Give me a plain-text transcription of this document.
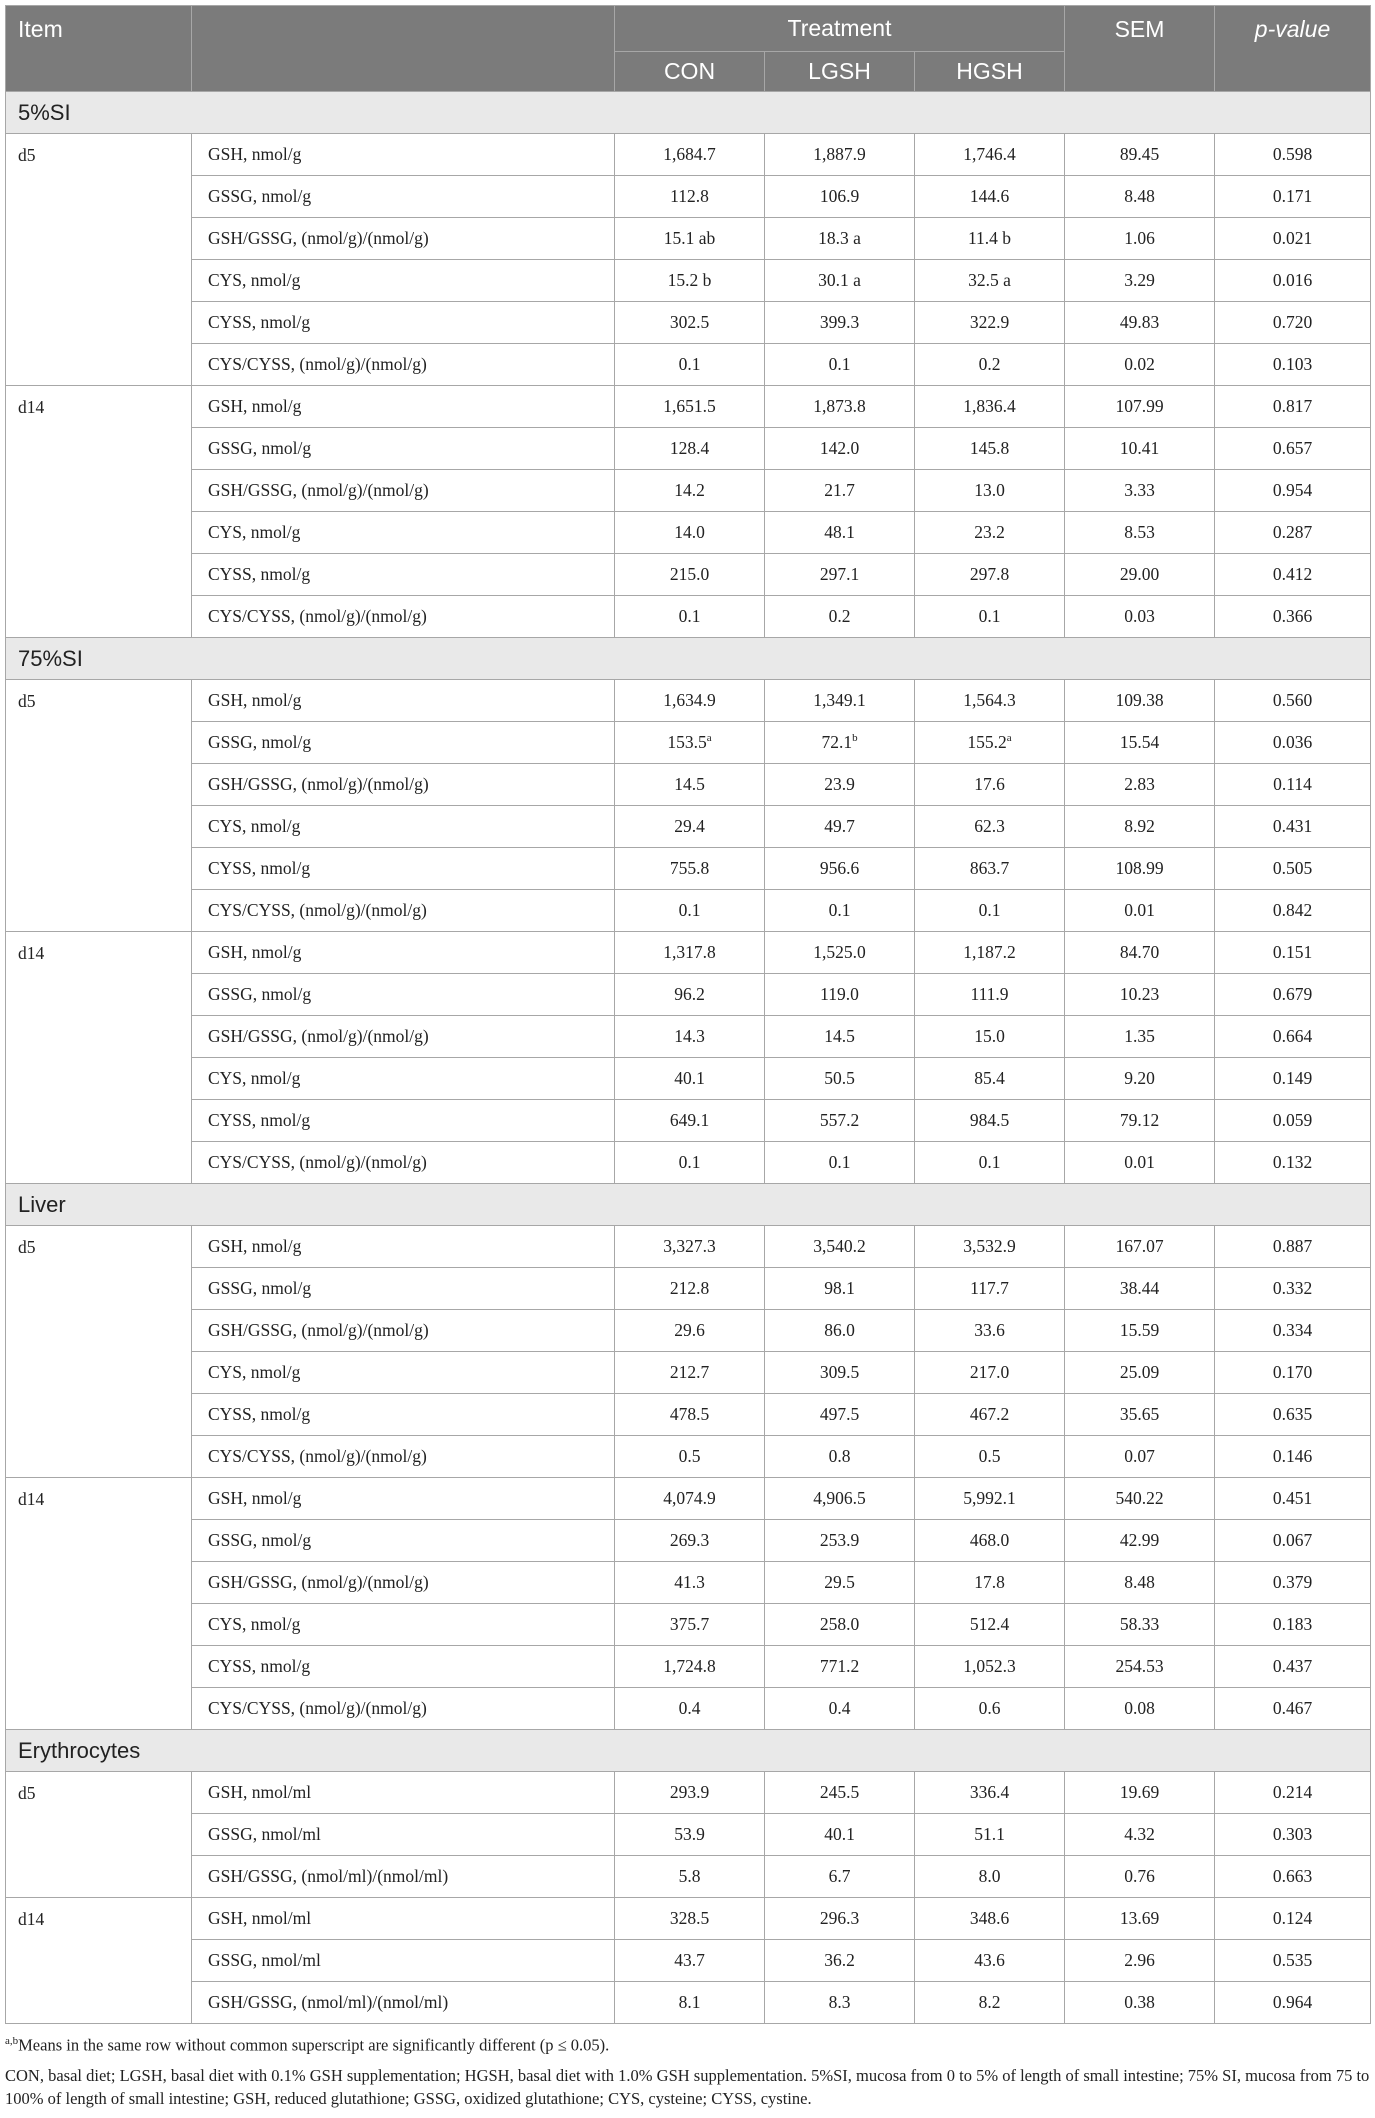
Item		Treatment			SEM	p-value
		CON	LGSH	HGSH		
5%SI						
d5	GSH, nmol/g	1,684.7	1,887.9	1,746.4	89.45	0.598
	GSSG, nmol/g	112.8	106.9	144.6	8.48	0.171
	GSH/GSSG, (nmol/g)/(nmol/g)	15.1 ab	18.3 a	11.4 b	1.06	0.021
	CYS, nmol/g	15.2 b	30.1 a	32.5 a	3.29	0.016
	CYSS, nmol/g	302.5	399.3	322.9	49.83	0.720
	CYS/CYSS, (nmol/g)/(nmol/g)	0.1	0.1	0.2	0.02	0.103
d14	GSH, nmol/g	1,651.5	1,873.8	1,836.4	107.99	0.817
	GSSG, nmol/g	128.4	142.0	145.8	10.41	0.657
	GSH/GSSG, (nmol/g)/(nmol/g)	14.2	21.7	13.0	3.33	0.954
	CYS, nmol/g	14.0	48.1	23.2	8.53	0.287
	CYSS, nmol/g	215.0	297.1	297.8	29.00	0.412
	CYS/CYSS, (nmol/g)/(nmol/g)	0.1	0.2	0.1	0.03	0.366
75%SI						
d5	GSH, nmol/g	1,634.9	1,349.1	1,564.3	109.38	0.560
	GSSG, nmol/g	153.5$^a$	72.1$^b$	155.2$^a$	15.54	0.036
	GSH/GSSG, (nmol/g)/(nmol/g)	14.5	23.9	17.6	2.83	0.114
	CYS, nmol/g	29.4	49.7	62.3	8.92	0.431
	CYSS, nmol/g	755.8	956.6	863.7	108.99	0.505
	CYS/CYSS, (nmol/g)/(nmol/g)	0.1	0.1	0.1	0.01	0.842
d14	GSH, nmol/g	1,317.8	1,525.0	1,187.2	84.70	0.151
	GSSG, nmol/g	96.2	119.0	111.9	10.23	0.679
	GSH/GSSG, (nmol/g)/(nmol/g)	14.3	14.5	15.0	1.35	0.664
	CYS, nmol/g	40.1	50.5	85.4	9.20	0.149
	CYSS, nmol/g	649.1	557.2	984.5	79.12	0.059
	CYS/CYSS, (nmol/g)/(nmol/g)	0.1	0.1	0.1	0.01	0.132
Liver						
d5	GSH, nmol/g	3,327.3	3,540.2	3,532.9	167.07	0.887
	GSSG, nmol/g	212.8	98.1	117.7	38.44	0.332
	GSH/GSSG, (nmol/g)/(nmol/g)	29.6	86.0	33.6	15.59	0.334
	CYS, nmol/g	212.7	309.5	217.0	25.09	0.170
	CYSS, nmol/g	478.5	497.5	467.2	35.65	0.635
	CYS/CYSS, (nmol/g)/(nmol/g)	0.5	0.8	0.5	0.07	0.146
d14	GSH, nmol/g	4,074.9	4,906.5	5,992.1	540.22	0.451
	GSSG, nmol/g	269.3	253.9	468.0	42.99	0.067
	GSH/GSSG, (nmol/g)/(nmol/g)	41.3	29.5	17.8	8.48	0.379
	CYS, nmol/g	375.7	258.0	512.4	58.33	0.183
	CYSS, nmol/g	1,724.8	771.2	1,052.3	254.53	0.437
	CYS/CYSS, (nmol/g)/(nmol/g)	0.4	0.4	0.6	0.08	0.467
Erythrocytes						
d5	GSH, nmol/ml	293.9	245.5	336.4	19.69	0.214
	GSSG, nmol/ml	53.9	40.1	51.1	4.32	0.303
	GSH/GSSG, (nmol/ml)/(nmol/ml)	5.8	6.7	8.0	0.76	0.663
d14	GSH, nmol/ml	328.5	296.3	348.6	13.69	0.124
	GSSG, nmol/ml	43.7	36.2	43.6	2.96	0.535
	GSH/GSSG, (nmol/ml)/(nmol/ml)	8.1	8.3	8.2	0.38	0.964
$^{a,b}$Means in the same row without common superscript are significantly different (p ≤ 0.05).
CON, basal diet; LGSH, basal diet with 0.1% GSH supplementation; HGSH, basal diet with 1.0% GSH supplementation. 5%SI, mucosa from 0 to 5% of length of small intestine; 75% SI, mucosa from 75 to 100% of length of small intestine; GSH, reduced glutathione; GSSG, oxidized glutathione; CYS, cysteine; CYSS, cystine.
